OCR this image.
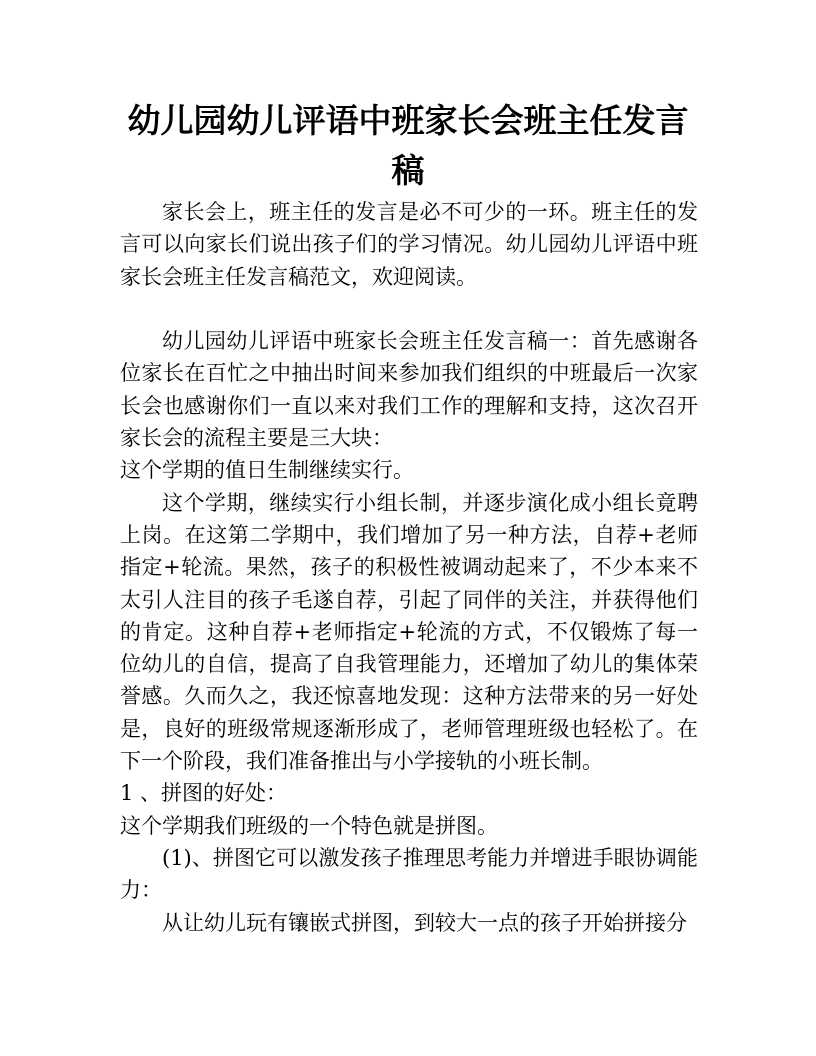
幼儿园幼儿评语中班家长会班主任发言稿

家长会上，班主任的发言是必不可少的一环。班主任的发言可以向家长们说出孩子们的学习情况。幼儿园幼儿评语中班家长会班主任发言稿范文，欢迎阅读。

幼儿园幼儿评语中班家长会班主任发言稿一：首先感谢各位家长在百忙之中抽出时间来参加我们组织的中班最后一次家长会也感谢你们一直以来对我们工作的理解和支持，这次召开家长会的流程主要是三大块：

这个学期的值日生制继续实行。

这个学期，继续实行小组长制，并逐步演化成小组长竟聘上岗。在这第二学期中，我们增加了另一种方法，自荐+老师指定+轮流。果然，孩子的积极性被调动起来了，不少本来不太引人注目的孩子毛遂自荐，引起了同伴的关注，并获得他们的肯定。这种自荐+老师指定+轮流的方式，不仅锻炼了每一位幼儿的自信，提高了自我管理能力，还增加了幼儿的集体荣誉感。久而久之，我还惊喜地发现：这种方法带来的另一好处是，良好的班级常规逐渐形成了，老师管理班级也轻松了。在下一个阶段，我们准备推出与小学接轨的小班长制。

1 、拼图的好处：

这个学期我们班级的一个特色就是拼图。

(1)、拼图它可以激发孩子推理思考能力并增进手眼协调能力：

从让幼儿玩有镶嵌式拼图，到较大一点的孩子开始拼接分
